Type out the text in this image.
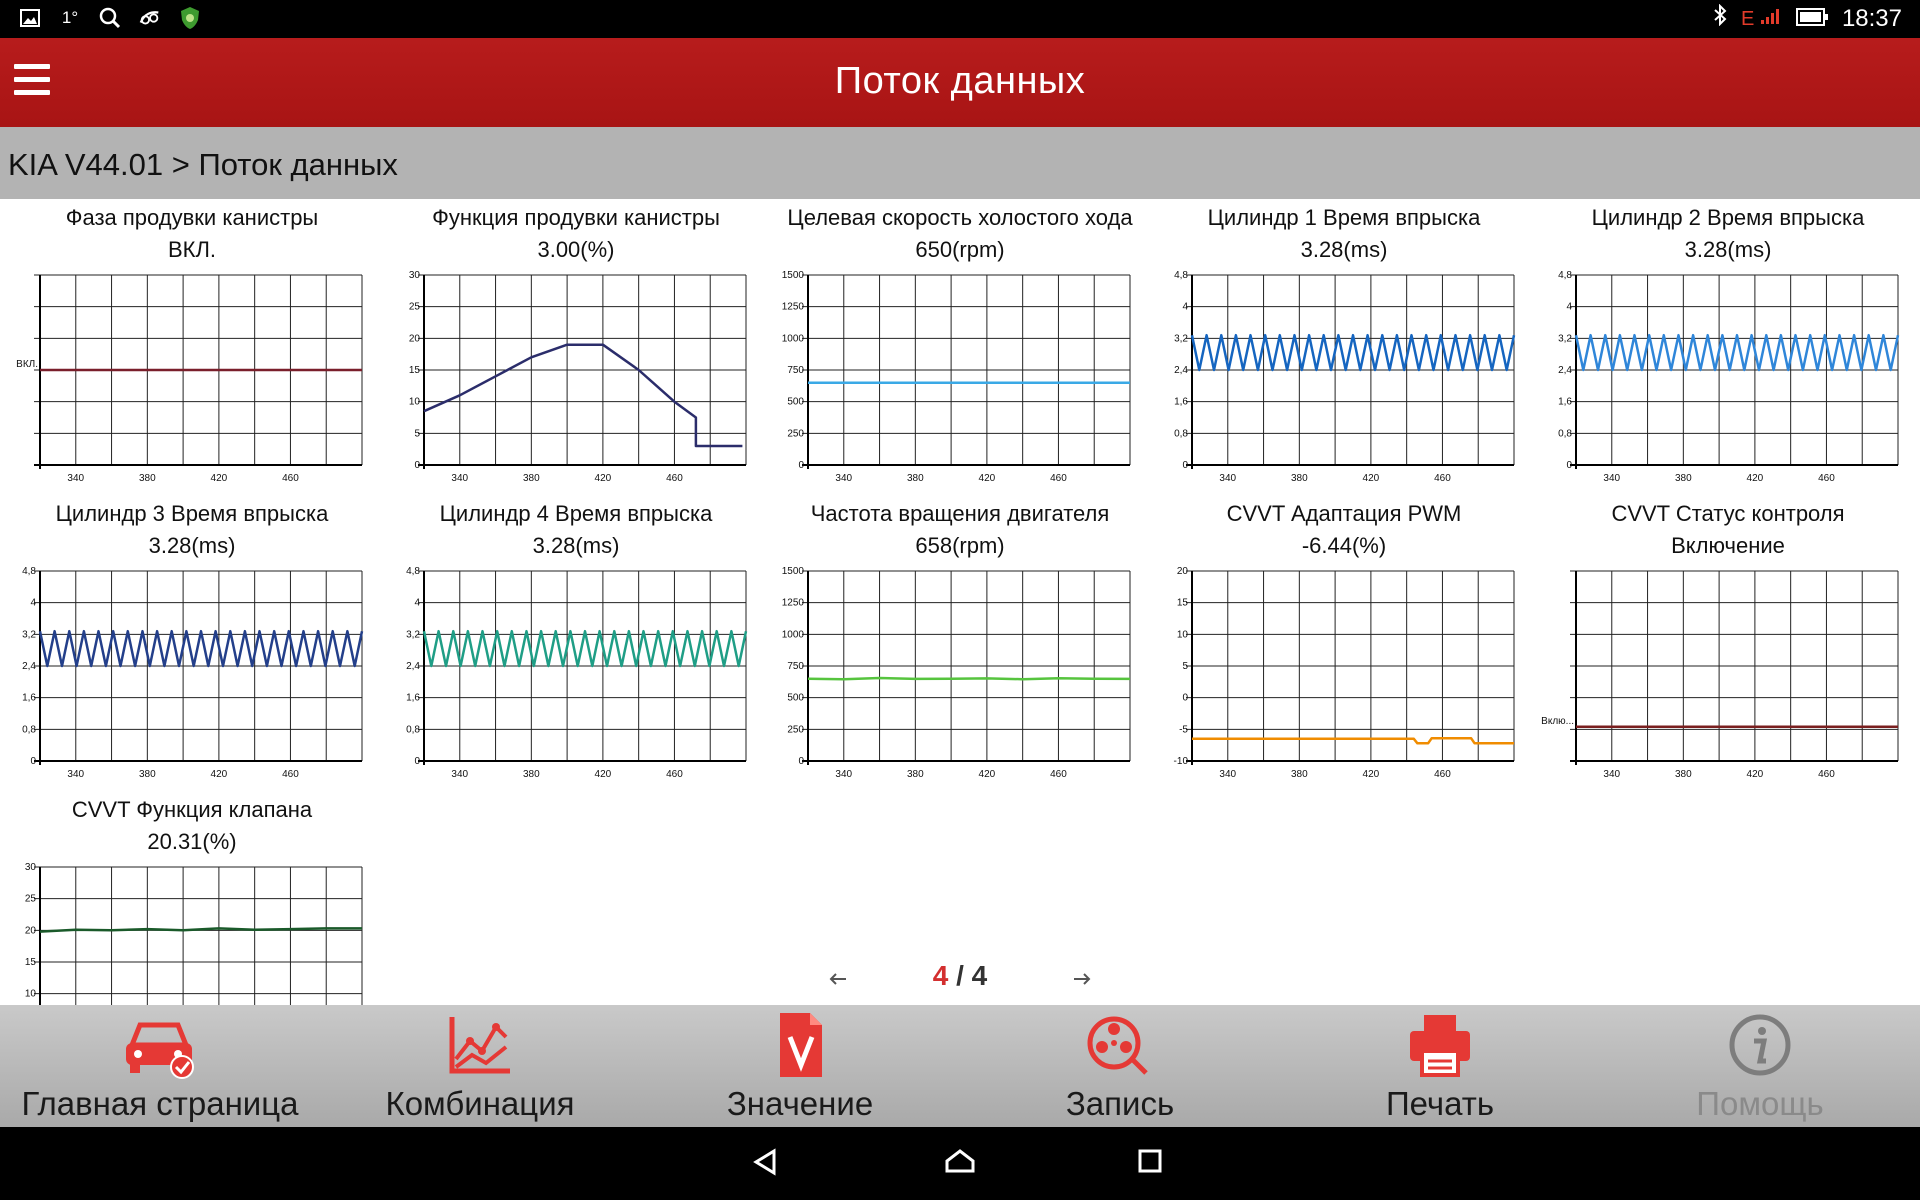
1°	E	18:37
Поток данных
KIA V44.01 > Поток данных
Фаза продувки канистры
ВКЛ.
340	380	420	460
ВКЛ.
Функция продувки канистры
3.00(%)
30
25
20
15
10
5
0
340	380	420	460
Целевая скорость холостого хода
650(rpm)
1500
1250
1000
750
500
250
0
340	380	420	460
Цилиндр 1 Время впрыска
3.28(ms)
4,8
4
3,2
2,4
1,6
0,8
0
340	380	420	460
Цилиндр 2 Время впрыска
3.28(ms)
4,8
4
3,2
2,4
1,6
0,8
0
340	380	420	460
Цилиндр 3 Время впрыска
3.28(ms)
4,8
4
3,2
2,4
1,6
0,8
0
340	380	420	460
Цилиндр 4 Время впрыска
3.28(ms)
4,8
4
3,2
2,4
1,6
0,8
0
340	380	420	460
Частота вращения двигателя
658(rpm)
1500
1250
1000
750
500
250
0
340	380	420	460
CVVT Адаптация PWM
-6.44(%)
20
15
10
5
0
-5
-10
340	380	420	460
CVVT Статус контроля
Включение
340	380	420	460
Вклю...
CVVT Функция клапана
20.31(%)
30
25
20
15
10
4 / 4
Главная страница	Комбинация	Значение	Запись	Печать	Помощь
